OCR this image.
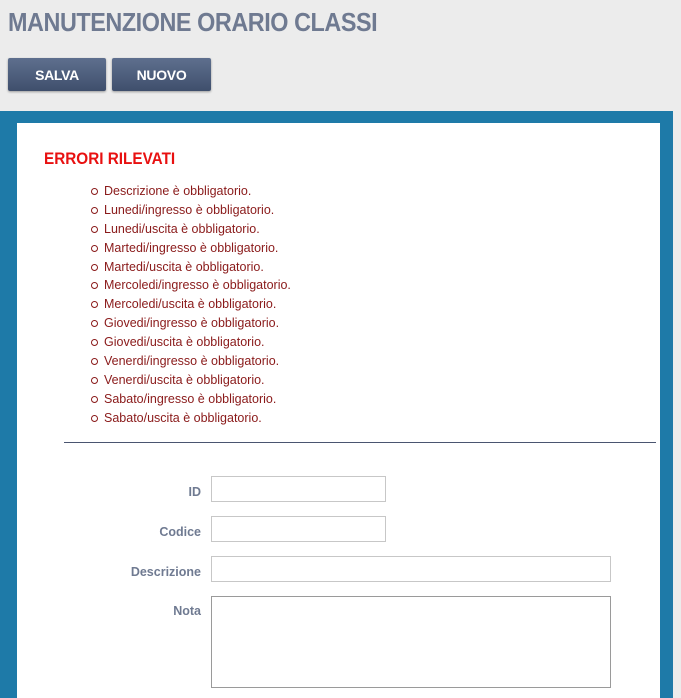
MANUTENZIONE ORARIO CLASSI
SALVA	NUOVO
ERRORI RILEVATI
Descrizione è obbligatorio.
Lunedi/ingresso è obbligatorio.
Lunedi/uscita è obbligatorio.
Martedi/ingresso è obbligatorio.
Martedi/uscita è obbligatorio.
Mercoledi/ingresso è obbligatorio.
Mercoledi/uscita è obbligatorio.
Giovedi/ingresso è obbligatorio.
Giovedi/uscita è obbligatorio.
Venerdi/ingresso è obbligatorio.
Venerdi/uscita è obbligatorio.
Sabato/ingresso è obbligatorio.
Sabato/uscita è obbligatorio.
ID
Codice
Descrizione
Nota
